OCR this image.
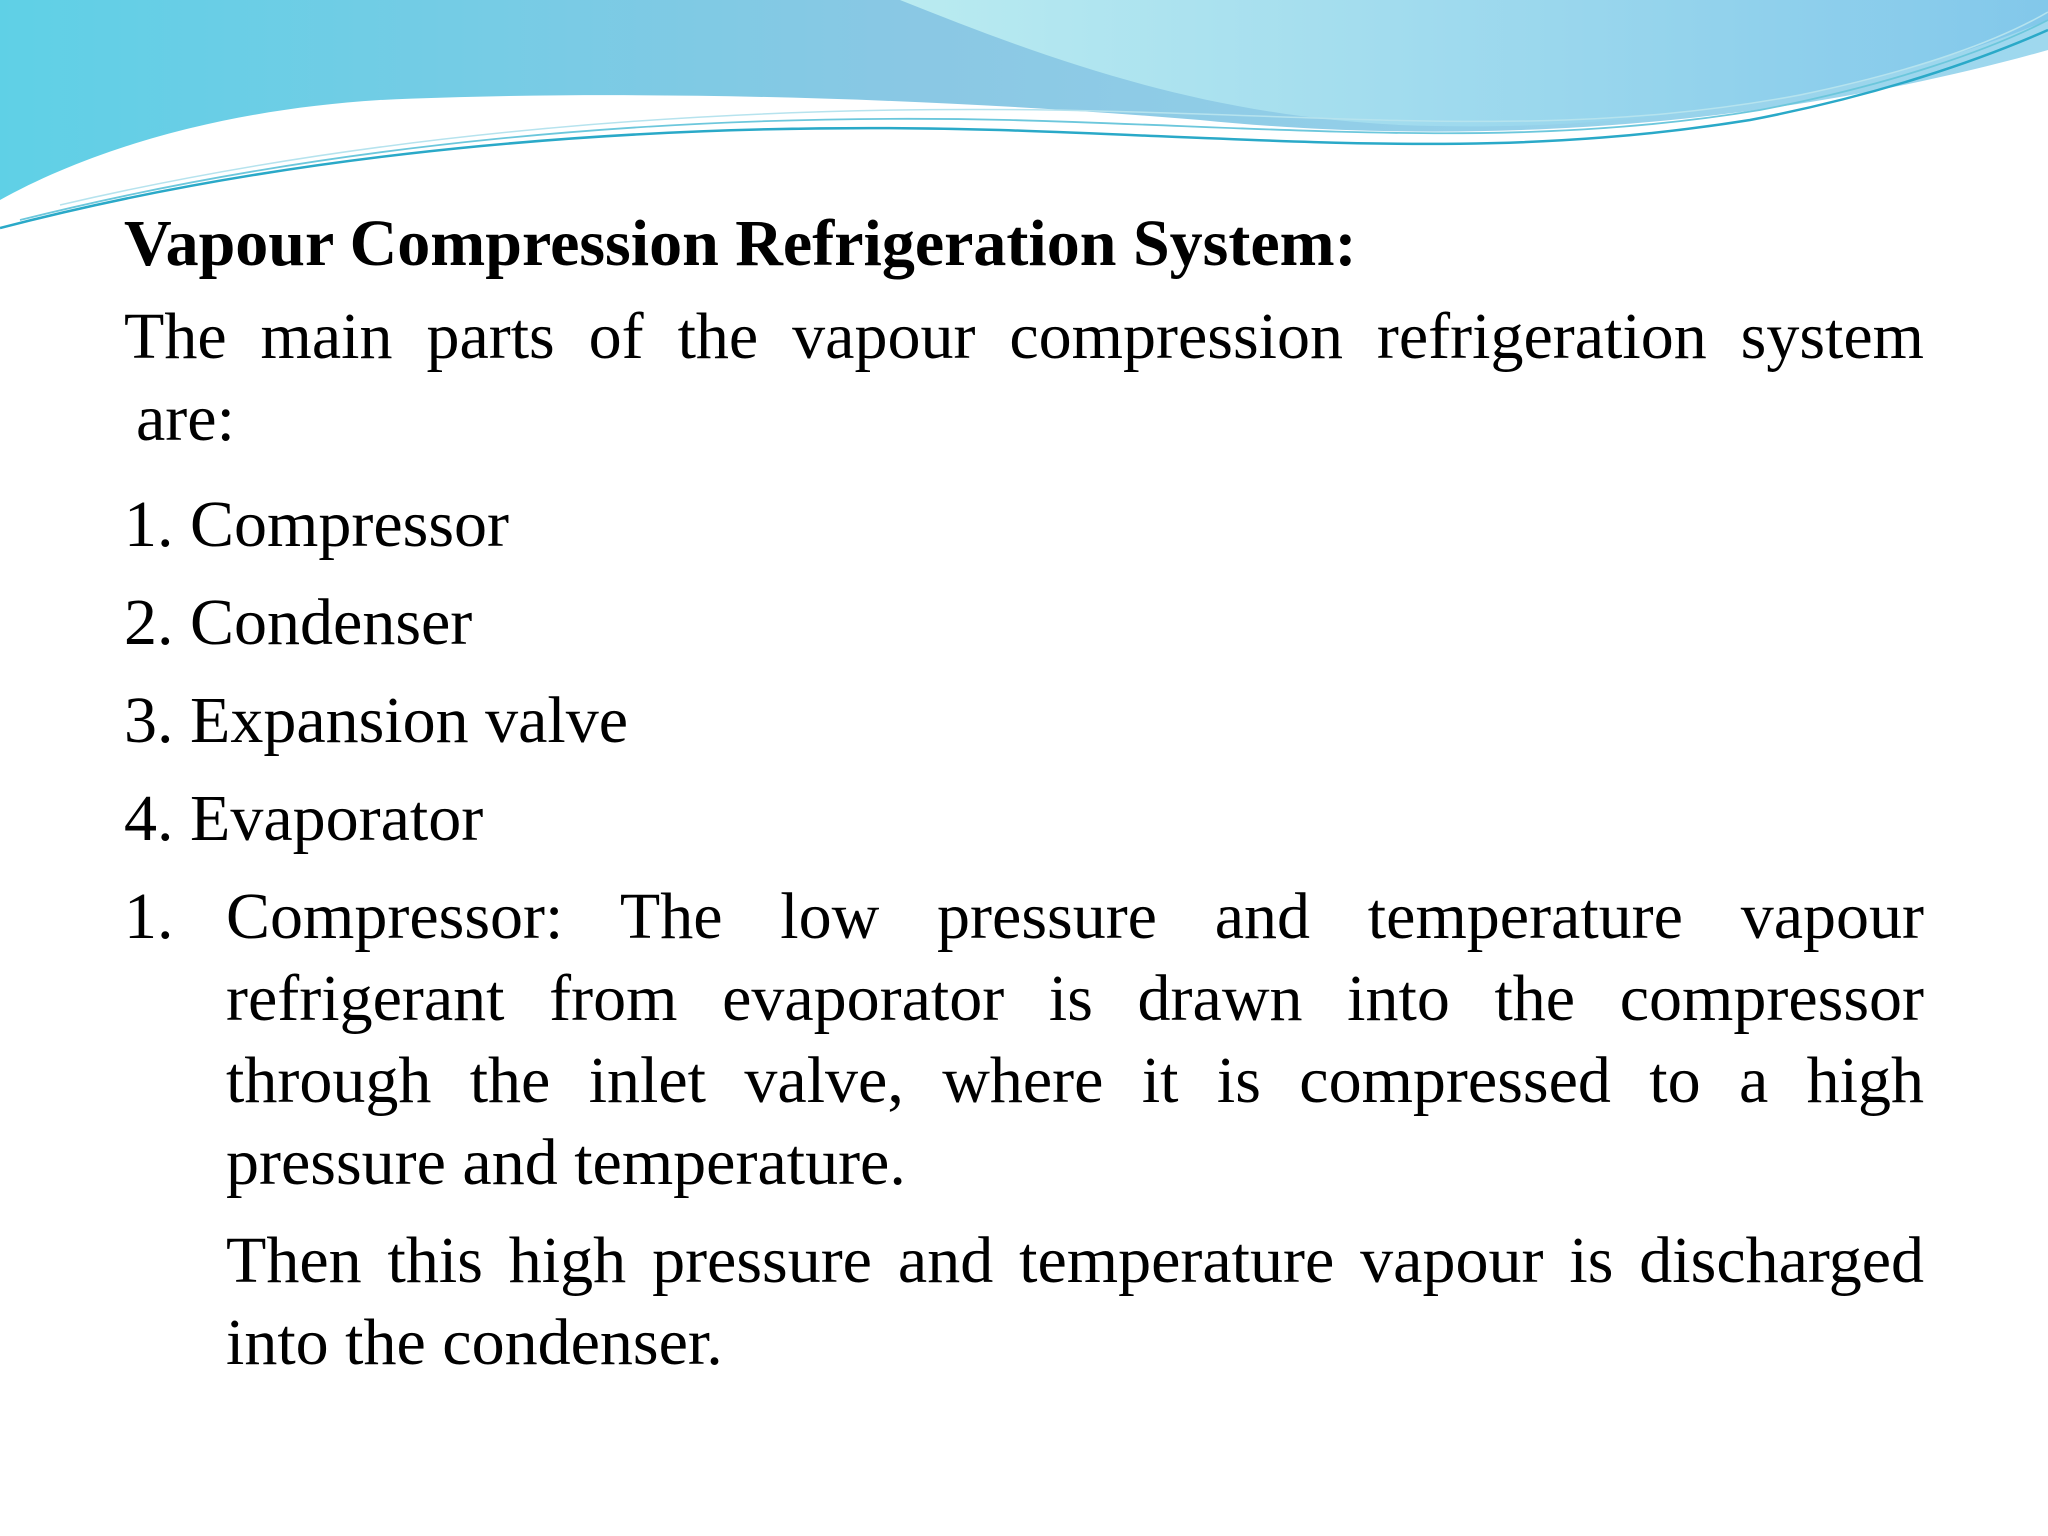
Vapour Compression Refrigeration System:

The main parts of the vapour compression refrigeration system

are:

1. Compressor
2. Condenser
3. Expansion valve
4. Evaporator
1. Compressor: The low pressure and temperature vapour refrigerant from evaporator is drawn into the compressor through the inlet valve, where it is compressed to a high pressure and temperature.

Then this high pressure and temperature vapour is discharged into the condenser.
